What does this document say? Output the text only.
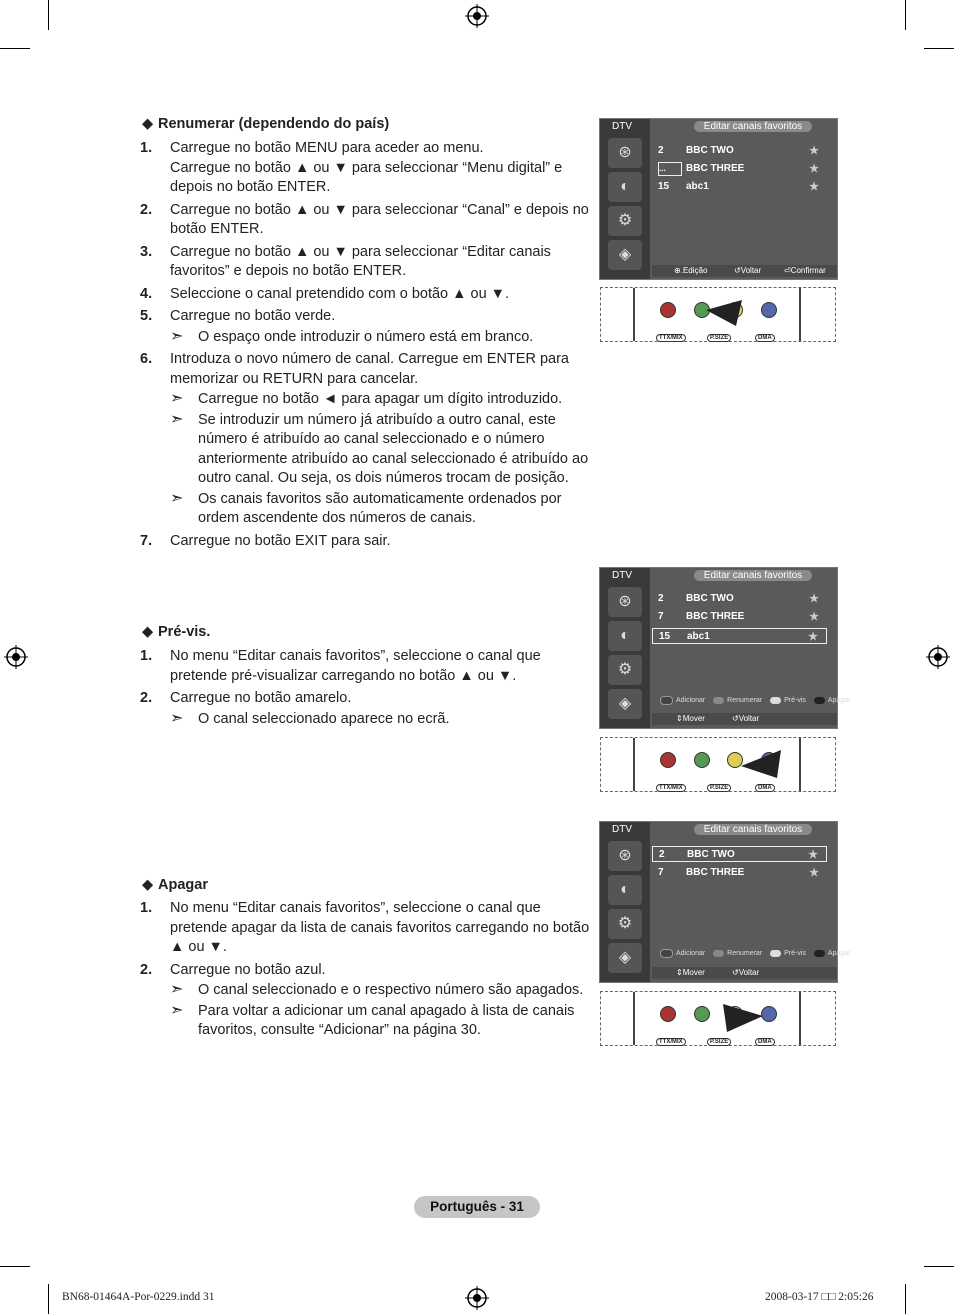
◆ Renumerar (dependendo do país)
1. Carregue no botão MENU para aceder ao menu.
Carregue no botão ▲ ou ▼ para seleccionar “Menu digital” e depois no botão ENTER.
2. Carregue no botão ▲ ou ▼ para seleccionar “Canal” e depois no botão ENTER.
3. Carregue no botão ▲ ou ▼ para seleccionar “Editar canais favoritos” e depois no botão ENTER.
4. Seleccione o canal pretendido com o botão ▲ ou ▼.
5. Carregue no botão verde.
➣ O espaço onde introduzir o número está em branco.
6. Introduza o novo número de canal. Carregue em ENTER para memorizar ou RETURN para cancelar.
➣ Carregue no botão ◄ para apagar um dígito introduzido.
➣ Se introduzir um número já atribuído a outro canal, este número é atribuído ao canal seleccionado e o número anteriormente atribuído ao canal seleccionado é atribuído ao outro canal. Ou seja, os dois números trocam de posição.
➣ Os canais favoritos são automaticamente ordenados por ordem ascendente dos números de canais.
7. Carregue no botão EXIT para sair.
◆ Pré-vis.
1. No menu “Editar canais favoritos”, seleccione o canal que pretende pré-visualizar carregando no botão ▲ ou ▼.
2. Carregue no botão amarelo.
➣ O canal seleccionado aparece no ecrã.
◆ Apagar
1. No menu “Editar canais favoritos”, seleccione o canal que pretende apagar da lista de canais favoritos carregando no botão ▲ ou ▼.
2. Carregue no botão azul.
➣ O canal seleccionado e o respectivo número são apagados.
➣ Para voltar a adicionar um canal apagado à lista de canais favoritos, consulte “Adicionar” na página 30.
DTV	Editar canais favoritos
⊛
◐
⚙
◈
2 BBC TWO	★
...	BBC THREE	★
15 abc1	★
⊕. Edição	↺ Voltar	⏎ Confirmar
TTX/MIX	P.SIZE	DMA
DTV	Editar canais favoritos
⊛
◐
⚙
◈
2 BBC TWO	★
7 BBC THREE	★
15 abc1	★
Adicionar	Renumerar	Pré-vis	Apagar
⇕ Mover	↺ Voltar
TTX/MIX	P.SIZE	DMA
DTV	Editar canais favoritos
⊛
◐
⚙
◈
2 BBC TWO	★
7 BBC THREE	★
Adicionar	Renumerar	Pré-vis	Apagar
⇕ Mover	↺ Voltar
TTX/MIX	P.SIZE	DMA
Português - 31
BN68-01464A-Por-0229.indd 31	2008-03-17 □□ 2:05:26
